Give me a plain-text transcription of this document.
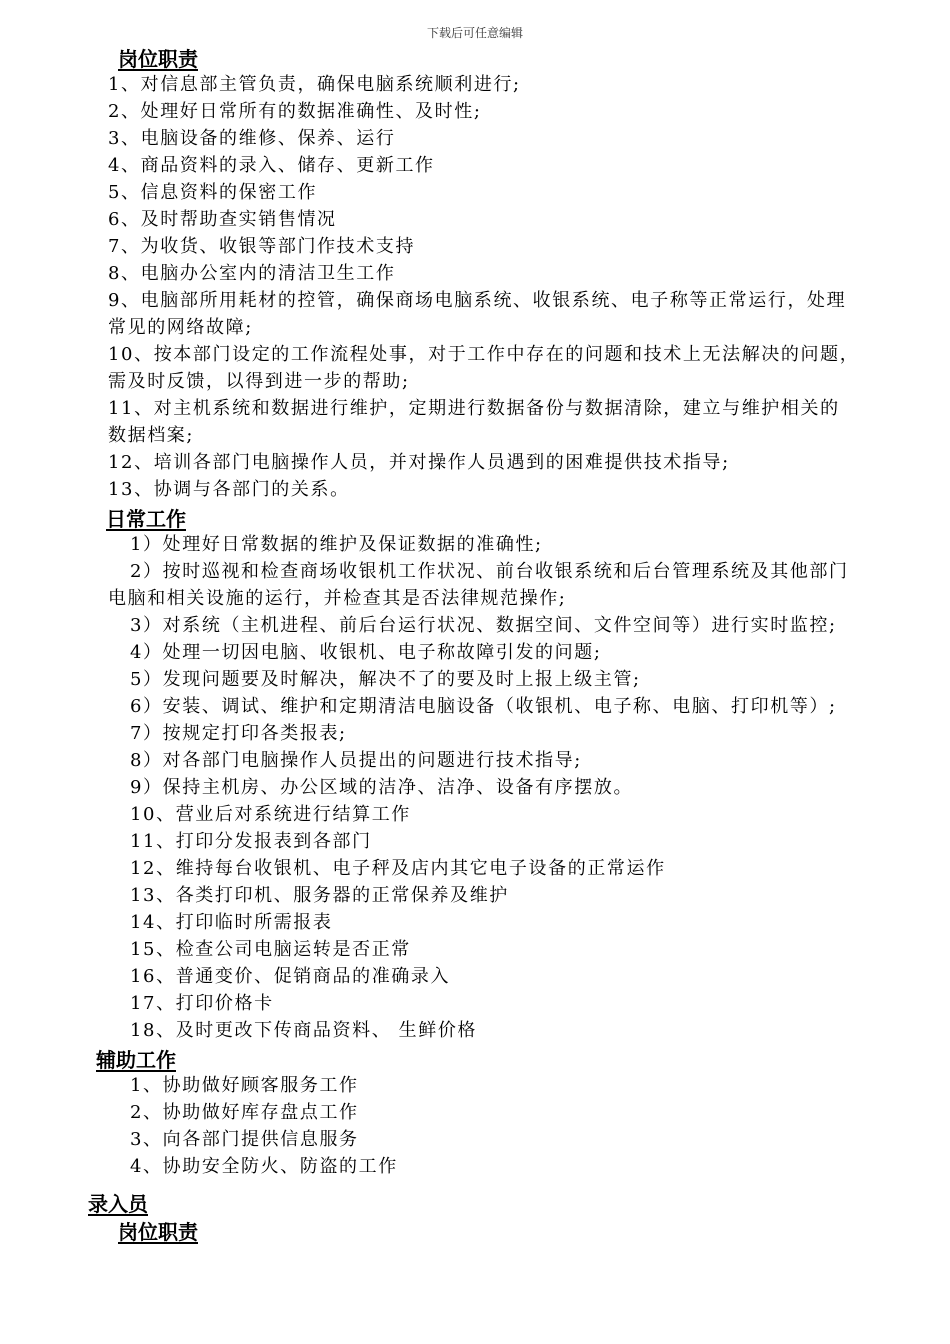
下载后可任意编辑
岗位职责
1、对信息部主管负责，确保电脑系统顺利进行;
2、处理好日常所有的数据准确性、及时性;
3、电脑设备的维修、保养、运行
4、商品资料的录入、储存、更新工作
5、信息资料的保密工作
6、及时帮助查实销售情况
7、为收货、收银等部门作技术支持
8、电脑办公室内的清洁卫生工作
9、电脑部所用耗材的控管，确保商场电脑系统、收银系统、电子称等正常运行，处理
常见的网络故障;
10、按本部门设定的工作流程处事，对于工作中存在的问题和技术上无法解决的问题，
需及时反馈，以得到进一步的帮助;
11、对主机系统和数据进行维护，定期进行数据备份与数据清除，建立与维护相关的
数据档案;
12、培训各部门电脑操作人员，并对操作人员遇到的困难提供技术指导;
13、协调与各部门的关系。
日常工作
1）处理好日常数据的维护及保证数据的准确性;
2）按时巡视和检查商场收银机工作状况、前台收银系统和后台管理系统及其他部门
电脑和相关设施的运行，并检查其是否法律规范操作;
3）对系统（主机进程、前后台运行状况、数据空间、文件空间等）进行实时监控;
4）处理一切因电脑、收银机、电子称故障引发的问题;
5）发现问题要及时解决，解决不了的要及时上报上级主管;
6）安装、调试、维护和定期清洁电脑设备（收银机、电子称、电脑、打印机等）;
7）按规定打印各类报表;
8）对各部门电脑操作人员提出的问题进行技术指导;
9）保持主机房、办公区域的洁净、洁净、设备有序摆放。
10、营业后对系统进行结算工作
11、打印分发报表到各部门
12、维持每台收银机、电子秤及店内其它电子设备的正常运作
13、各类打印机、服务器的正常保养及维护
14、打印临时所需报表
15、检查公司电脑运转是否正常
16、普通变价、促销商品的准确录入
17、打印价格卡
18、及时更改下传商品资料、 生鲜价格
辅助工作
1、协助做好顾客服务工作
2、协助做好库存盘点工作
3、向各部门提供信息服务
4、协助安全防火、防盗的工作
录入员
岗位职责
